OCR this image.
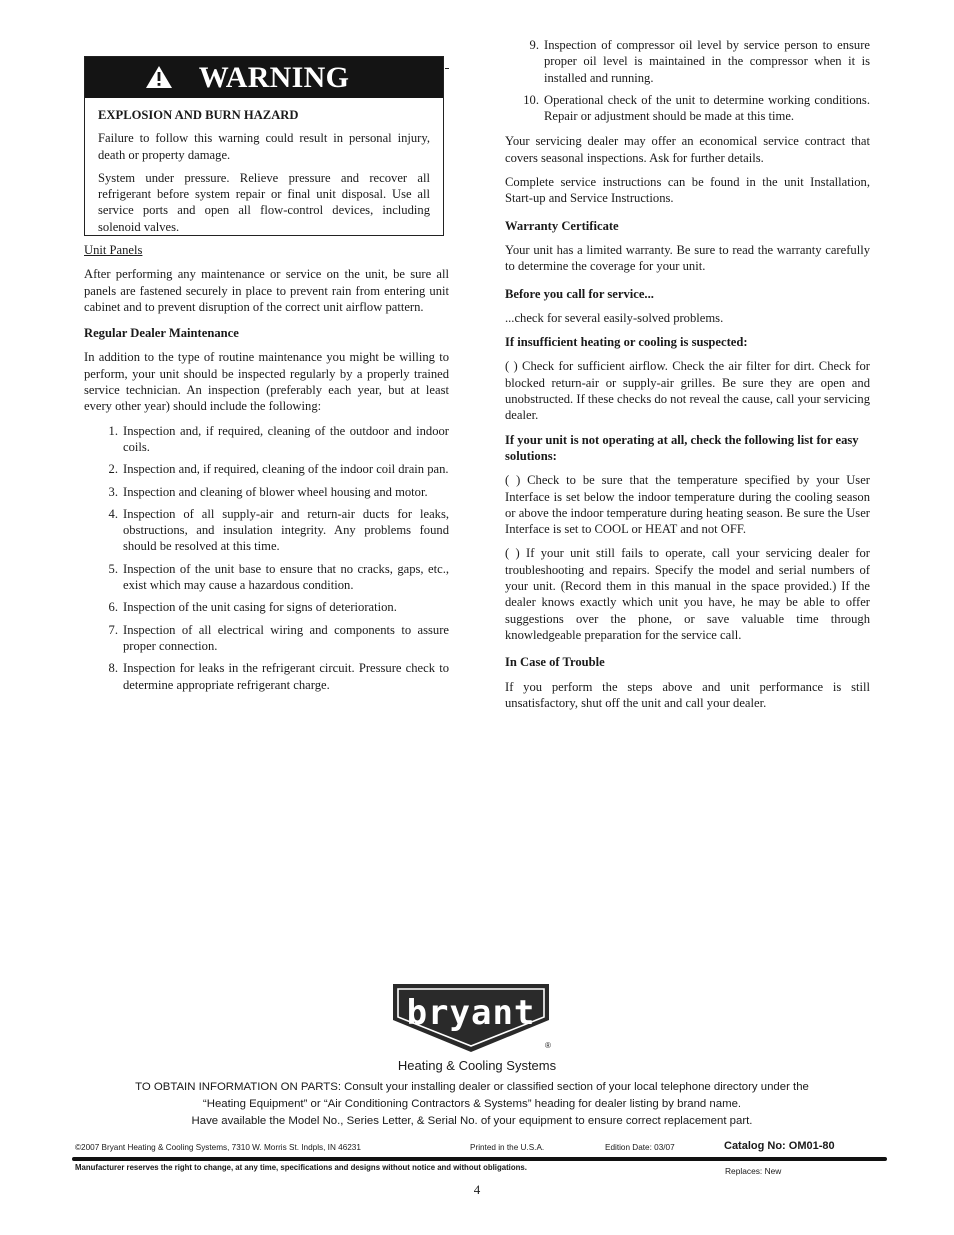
WARNING

EXPLOSION AND BURN HAZARD

Failure to follow this warning could result in personal injury, death or property damage.

System under pressure. Relieve pressure and recover all refrigerant before system repair or final unit disposal. Use all service ports and open all flow-control devices, including solenoid valves.

Unit Panels

After performing any maintenance or service on the unit, be sure all panels are fastened securely in place to prevent rain from entering unit cabinet and to prevent disruption of the correct unit airflow pattern.

Regular Dealer Maintenance

In addition to the type of routine maintenance you might be willing to perform, your unit should be inspected regularly by a properly trained service technician. An inspection (preferably each year, but at least every other year) should include the following:

1. Inspection and, if required, cleaning of the outdoor and indoor coils.
2. Inspection and, if required, cleaning of the indoor coil drain pan.
3. Inspection and cleaning of blower wheel housing and motor.
4. Inspection of all supply-air and return-air ducts for leaks, obstructions, and insulation integrity. Any problems found should be resolved at this time.
5. Inspection of the unit base to ensure that no cracks, gaps, etc., exist which may cause a hazardous condition.
6. Inspection of the unit casing for signs of deterioration.
7. Inspection of all electrical wiring and components to assure proper connection.
8. Inspection for leaks in the refrigerant circuit. Pressure check to determine appropriate refrigerant charge.
9. Inspection of compressor oil level by service person to ensure proper oil level is maintained in the compressor when it is installed and running.
10. Operational check of the unit to determine working conditions. Repair or adjustment should be made at this time.

Your servicing dealer may offer an economical service contract that covers seasonal inspections. Ask for further details.

Complete service instructions can be found in the unit Installation, Start-up and Service Instructions.

Warranty Certificate

Your unit has a limited warranty. Be sure to read the warranty carefully to determine the coverage for your unit.

Before you call for service...

...check for several easily-solved problems.

If insufficient heating or cooling is suspected:

( ) Check for sufficient airflow. Check the air filter for dirt. Check for blocked return-air or supply-air grilles. Be sure they are open and unobstructed. If these checks do not reveal the cause, call your servicing dealer.

If your unit is not operating at all, check the following list for easy solutions:

( ) Check to be sure that the temperature specified by your User Interface is set below the indoor temperature during the cooling season or above the indoor temperature during heating season. Be sure the User Interface is set to COOL or HEAT and not OFF.

( ) If your unit still fails to operate, call your servicing dealer for troubleshooting and repairs. Specify the model and serial numbers of your unit. (Record them in this manual in the space provided.) If the dealer knows exactly which unit you have, he may be able to offer suggestions over the phone, or save valuable time through knowledgeable preparation for the service call.

In Case of Trouble

If you perform the steps above and unit performance is still unsatisfactory, shut off the unit and call your dealer.

bryant
®
Heating & Cooling Systems
TO OBTAIN INFORMATION ON PARTS: Consult your installing dealer or classified section of your local telephone directory under the
“Heating Equipment” or “Air Conditioning Contractors & Systems” heading for dealer listing by brand name.
Have available the Model No., Series Letter, & Serial No. of your equipment to ensure correct replacement part.
©2007 Bryant Heating & Cooling Systems, 7310 W. Morris St. Indpls, IN 46231	Printed in the U.S.A.	Edition Date: 03/07	Catalog No: OM01-80
Manufacturer reserves the right to change, at any time, specifications and designs without notice and without obligations.	Replaces: New
4
